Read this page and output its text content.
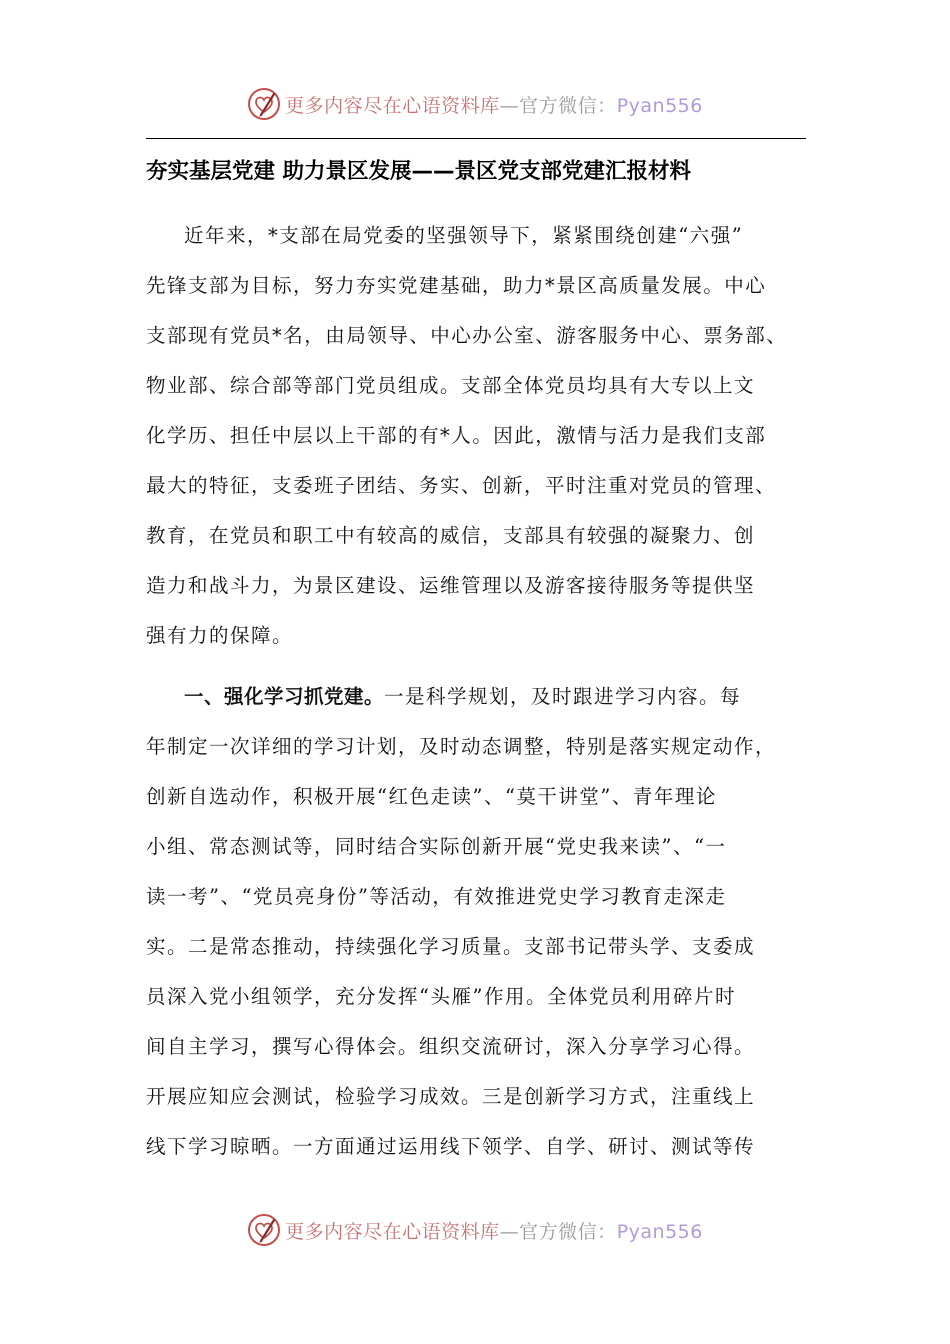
更多内容尽在心语资料库—官方微信：Pyan556
夯实基层党建 助力景区发展——景区党支部党建汇报材料
近年来，*支部在局党委的坚强领导下，紧紧围绕创建“六强”
先锋支部为目标，努力夯实党建基础，助力*景区高质量发展。中心
支部现有党员*名，由局领导、中心办公室、游客服务中心、票务部、
物业部、综合部等部门党员组成。支部全体党员均具有大专以上文
化学历、担任中层以上干部的有*人。因此，激情与活力是我们支部
最大的特征，支委班子团结、务实、创新，平时注重对党员的管理、
教育，在党员和职工中有较高的威信，支部具有较强的凝聚力、创
造力和战斗力，为景区建设、运维管理以及游客接待服务等提供坚
强有力的保障。
一、强化学习抓党建。一是科学规划，及时跟进学习内容。每
年制定一次详细的学习计划，及时动态调整，特别是落实规定动作，
创新自选动作，积极开展“红色走读”、“莫干讲堂”、青年理论
小组、常态测试等，同时结合实际创新开展“党史我来读”、“一
读一考”、“党员亮身份”等活动，有效推进党史学习教育走深走
实。二是常态推动，持续强化学习质量。支部书记带头学、支委成
员深入党小组领学，充分发挥“头雁”作用。全体党员利用碎片时
间自主学习，撰写心得体会。组织交流研讨，深入分享学习心得。
开展应知应会测试，检验学习成效。三是创新学习方式，注重线上
线下学习晾晒。一方面通过运用线下领学、自学、研讨、测试等传
更多内容尽在心语资料库—官方微信：Pyan556
